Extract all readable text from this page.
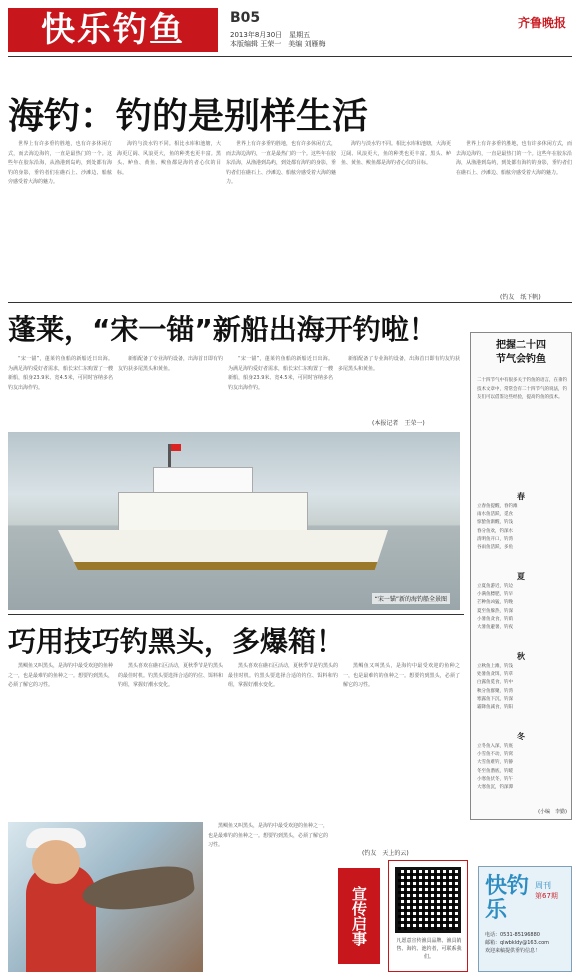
快乐钓鱼	B05
2013年8月30日　星期五
本版编辑 王荣一　美编 刘雁梅
齐鲁晚报
海钓：钓的是别样生活

世界上有许多垂钓胜地，也有许多休闲方式，而去海边海钓，一直是最热门的一个。这些年在胶东沿海，从渔港到岛屿，到处都有海钓的身影，垂钓者们在礁石上、沙滩边、船舷旁感受着大海的魅力。

海钓与淡水钓不同。相比水库和池塘，大海更辽阔、风浪更大，鱼的种类也更丰富。黑头、鲈鱼、黄鱼、鲅鱼都是海钓者心仪的目标。

世界上有许多垂钓胜地，也有许多休闲方式，而去海边海钓，一直是最热门的一个。这些年在胶东沿海，从渔港到岛屿，到处都有海钓的身影，垂钓者们在礁石上、沙滩边、船舷旁感受着大海的魅力。

海钓与淡水钓不同。相比水库和池塘，大海更辽阔、风浪更大，鱼的种类也更丰富。黑头、鲈鱼、黄鱼、鲅鱼都是海钓者心仪的目标。

世界上有许多垂钓胜地，也有许多休闲方式，而去海边海钓，一直是最热门的一个。这些年在胶东沿海，从渔港到岛屿，到处都有海钓的身影，垂钓者们在礁石上、沙滩边、船舷旁感受着大海的魅力。

(钓友　纸下帆)
蓬莱，“宋一锚”新船出海开钓啦！

“宋一锚”，蓬莱钓鱼船的新船近日出海。为满足海钓爱好者需求，船长宋仁东购置了一艘新船，船身23.9米、宽4.5米，可同时容纳多名钓友出海作钓。

新船配备了专业海钓设备，出海首日即有钓友钓获多尾黑头和黄鱼。

“宋一锚”，蓬莱钓鱼船的新船近日出海。为满足海钓爱好者需求，船长宋仁东购置了一艘新船，船身23.9米、宽4.5米，可同时容纳多名钓友出海作钓。

新船配备了专业海钓设备，出海首日即有钓友钓获多尾黑头和黄鱼。

(本报记者　王荣一)
“宋一锚”新的海钓船全景图
巧用技巧钓黑头，多爆箱！

黑鲷鱼又叫黑头，是海钓中最受欢迎的鱼种之一，也是最难钓的鱼种之一。想要钓到黑头，必须了解它的习性。

黑头喜欢在礁石区活动，夏秋季节是钓黑头的最佳时机。钓黑头要选择合适的钓位、饵料和钓组，掌握好潮水变化。

黑鲷鱼又叫黑头，是海钓中最受欢迎的鱼种之一，也是最难钓的鱼种之一。想要钓到黑头，必须了解它的习性。

黑头喜欢在礁石区活动，夏秋季节是钓黑头的最佳时机。钓黑头要选择合适的钓位、饵料和钓组，掌握好潮水变化。

黑鲷鱼又叫黑头，是海钓中最受欢迎的鱼种之一，也是最难钓的鱼种之一。想要钓到黑头，必须了解它的习性。

(钓友　天上的云)
把握二十四
节气会钓鱼
二十四节气中有很多关于钓鱼的语言，在垂钓技术文章中，常常会有二十四节气的说法，钓友们可以借鉴这些经验，提高钓鱼的技术。
春
立春鱼提醒，春钓滩
雨水鱼活跃，觅食
惊蛰鱼渐醒，钓浅
春分鱼欢，钓深水
清明鱼开口，钓湾
谷雨鱼活跃，多鱼
夏
立夏鱼游近，钓边
小满鱼膘肥，钓早
芒种鱼凶猛，钓晚
夏至鱼躲热，钓深
小暑鱼贪食，钓荫
大暑鱼避暑，钓夜
秋
立秋鱼上滩，钓浅
处暑鱼贪饵，钓草
白露鱼觅食，钓中
秋分鱼群聚，钓湾
寒露鱼下沉，钓深
霜降鱼减食，钓阳
冬
立冬鱼入深，钓底
小雪鱼不动，钓窝
大雪鱼难钓，钓静
冬至鱼潜底，钓暖
小寒鱼伏冬，钓午
大寒鱼沉，钓深潭
(小编　李勤)
宣传启事	凡愿意宣传渔具品牌、渔具销售、海钓、池钓者，可联系我们。
快钓
乐
周刊
第67期
电话：0531-85196880
邮箱：qlwbkldy@163.com
欢迎来稿提供垂钓信息！
